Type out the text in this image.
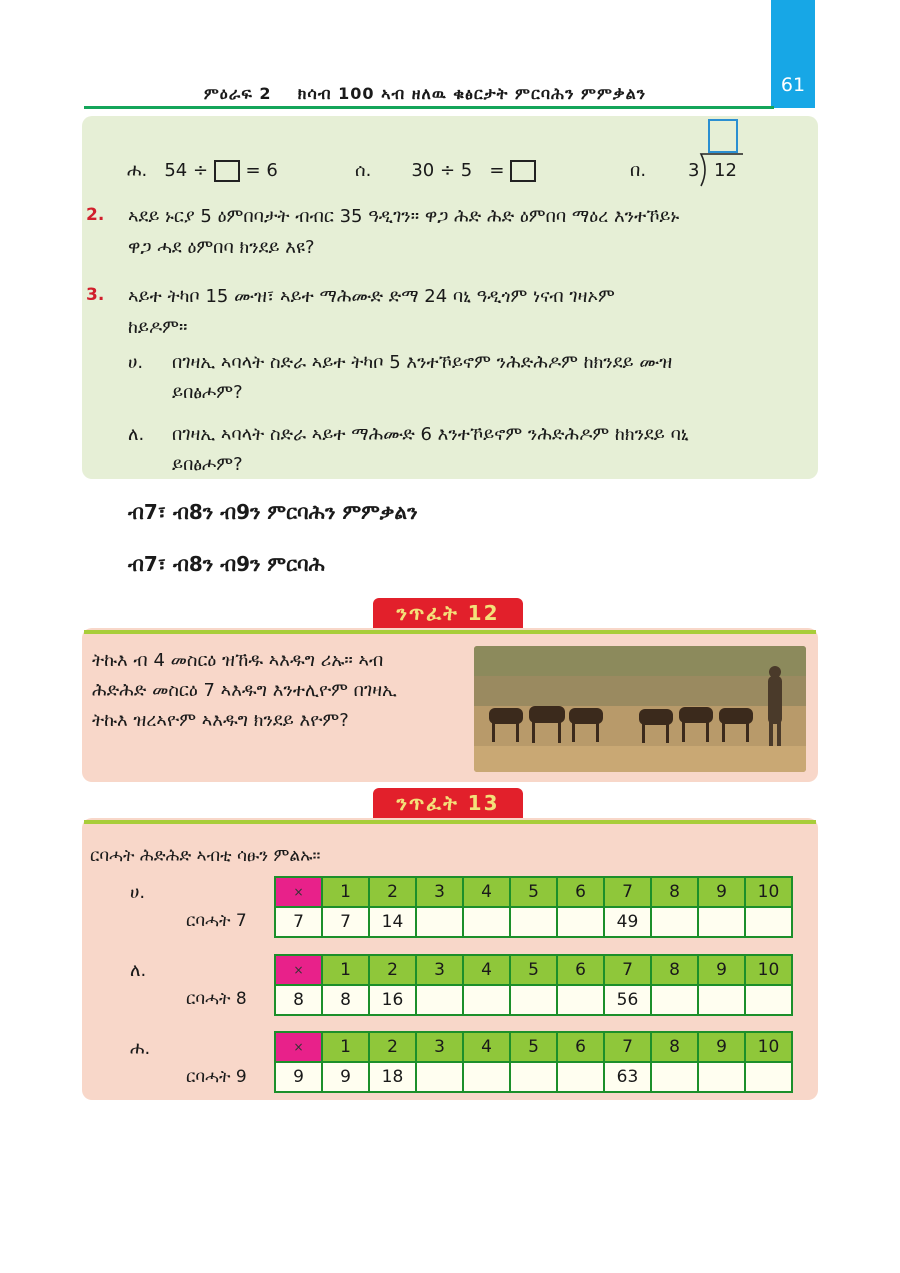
61
ምዕራፍ 2 ክሳብ 100 ኣብ ዘለዉ ቁፅርታት ምርባሕን ምምቃልን
ሐ. 54 ÷ = 6	ሰ. 30 ÷ 5 =	በ. 3 12
2. ኣደይ ኑርያ 5 ዕምበባታት ብብር 35 ዓዲገን። ዋጋ ሕድ ሕድ ዕምበባ ማዕረ እንተኾይኑ
ዋጋ ሓደ ዕምበባ ክንደይ እዩ?
3. ኣይተ ትካቦ 15 ሙዝ፣ ኣይተ ማሕሙድ ድማ 24 ባኒ ዓዲጎም ነናብ ገዛኦም
ከይዶም።
ሀ. በገዛኢ ኣባላት ስድራ ኣይተ ትካቦ 5 እንተኾይኖም ንሕድሕዶም ከክንደይ ሙዝ
ይበፅሖም?
ለ. በገዛኢ ኣባላት ስድራ ኣይተ ማሕሙድ 6 እንተኾይኖም ንሕድሕዶም ከክንደይ ባኒ
ይበፅሖም?
ብ7፣ ብ8ን ብ9ን ምርባሕን ምምቃልን
ብ7፣ ብ8ን ብ9ን ምርባሕ
ንጥፈት 12
ትኩእ ብ 4 መስርዕ ዝኸዱ ኣእዱግ ሪኡ። ኣብ
ሕድሕድ መስርዕ 7 ኣእዱግ እንተሊዮም በገዛኢ
ትኩእ ዝረኣዮም ኣእዱግ ክንደይ እዮም?
ንጥፈት 13
ርባሓት ሕድሕድ ኣብቲ ሳፁን ምልኡ።
ሀ.
ርባሓት 7
×	1	2	3	4	5	6	7	8	9	10
7	7	14					49			
ለ.
ርባሓት 8
×	1	2	3	4	5	6	7	8	9	10
8	8	16					56			
ሐ.
ርባሓት 9
×	1	2	3	4	5	6	7	8	9	10
9	9	18					63			
